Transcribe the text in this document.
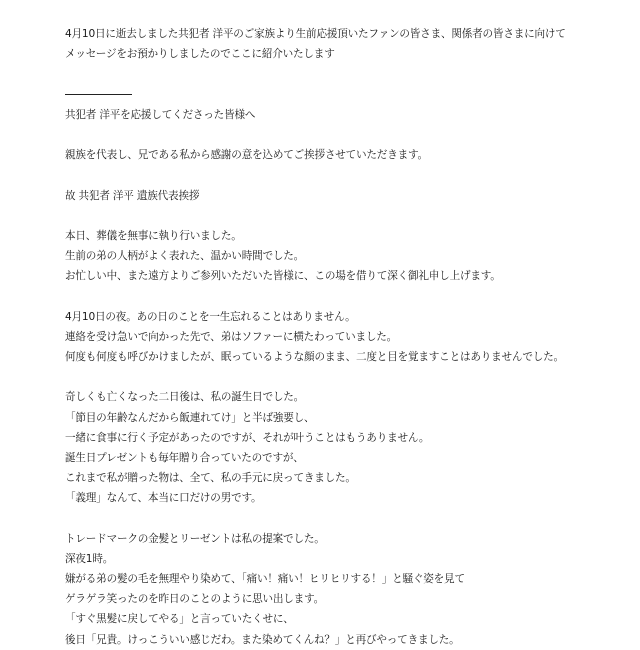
4月10日に逝去しました共犯者 洋平のご家族より生前応援頂いたファンの皆さま、関係者の皆さまに向けて
メッセージをお預かりしましたのでここに紹介いたします
共犯者 洋平を応援してくださった皆様へ
親族を代表し、兄である私から感謝の意を込めてご挨拶させていただきます。
故 共犯者 洋平 遺族代表挨拶
本日、葬儀を無事に執り行いました。
生前の弟の人柄がよく表れた、温かい時間でした。
お忙しい中、また遠方よりご参列いただいた皆様に、この場を借りて深く御礼申し上げます。
4月10日の夜。あの日のことを一生忘れることはありません。
連絡を受け急いで向かった先で、弟はソファーに横たわっていました。
何度も何度も呼びかけましたが、眠っているような顔のまま、二度と目を覚ますことはありませんでした。
奇しくも亡くなった二日後は、私の誕生日でした。
「節目の年齢なんだから飯連れてけ」と半ば強要し、
一緒に食事に行く予定があったのですが、それが叶うことはもうありません。
誕生日プレゼントも毎年贈り合っていたのですが、
これまで私が贈った物は、全て、私の手元に戻ってきました。
「義理」なんて、本当に口だけの男です。
トレードマークの金髪とリーゼントは私の提案でした。
深夜1時。
嫌がる弟の髪の毛を無理やり染めて、「痛い！痛い！ヒリヒリする！」と騒ぐ姿を見て
ゲラゲラ笑ったのを昨日のことのように思い出します。
「すぐ黒髪に戻してやる」と言っていたくせに、
後日「兄貴。けっこういい感じだわ。また染めてくんね？」と再びやってきました。
